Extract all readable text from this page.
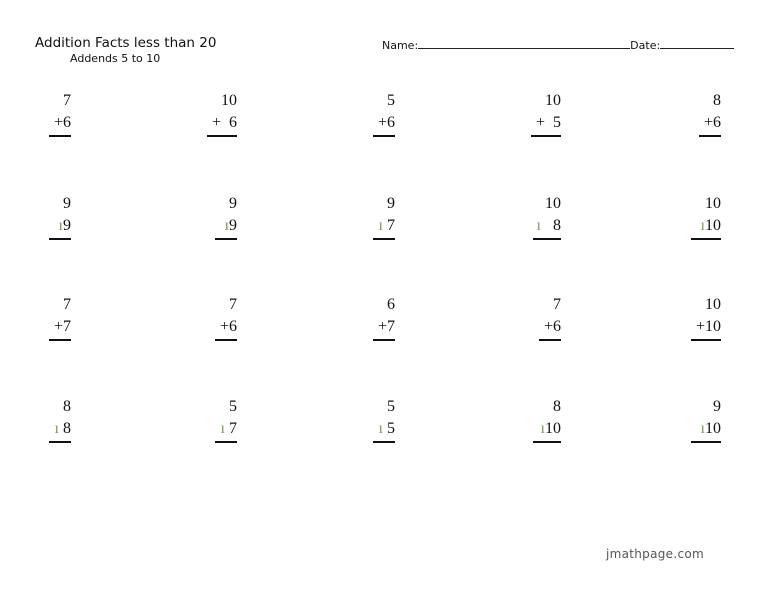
Addition Facts less than 20
Addends 5 to 10
Name:	Date:
7
+6
10
+  6
5
+6
10
+  5
8
+6
9
ı9
9
ı9
9
ı 7
10
ı   8
10
ı10
7
+7
7
+6
6
+7
7
+6
10
+10
8
ı 8
5
ı 7
5
ı 5
8
ı10
9
ı10
jmathpage.com
